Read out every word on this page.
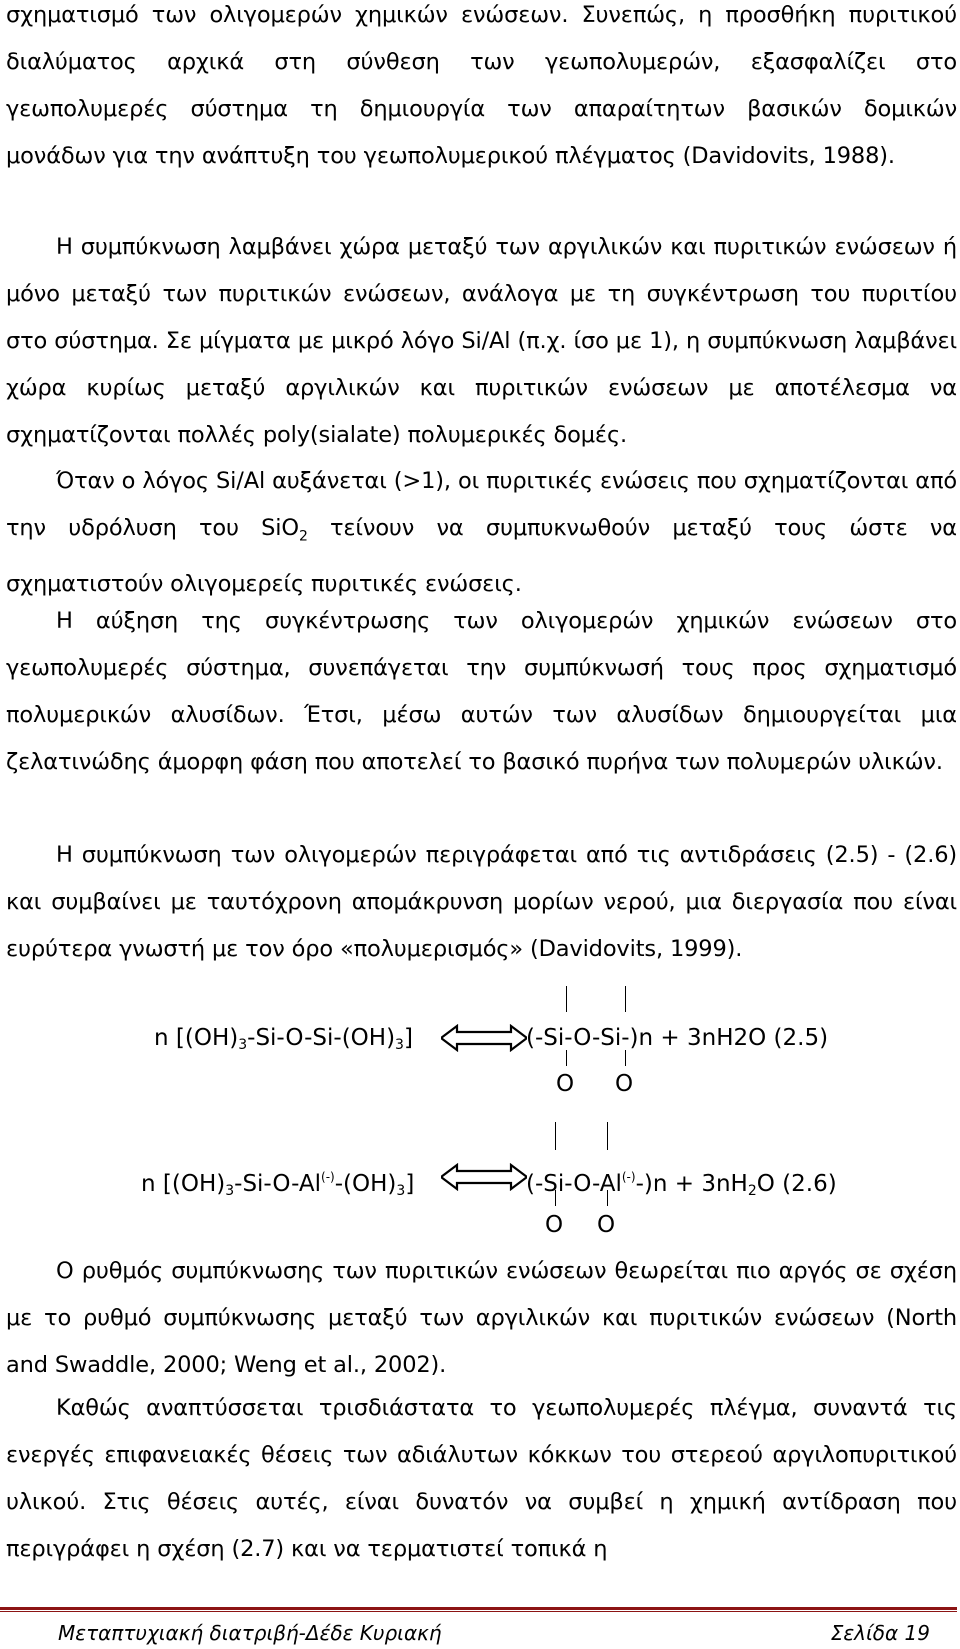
σχηματισμό των ολιγομερών χημικών ενώσεων. Συνεπώς, η προσθήκη πυριτικού διαλύματος αρχικά στη σύνθεση των γεωπολυμερών, εξασφαλίζει στο γεωπολυμερές σύστημα τη δημιουργία των απαραίτητων βασικών δομικών μονάδων για την ανάπτυξη του γεωπολυμερικού πλέγματος (Davidovits, 1988).

Η συμπύκνωση λαμβάνει χώρα μεταξύ των αργιλικών και πυριτικών ενώσεων ή μόνο μεταξύ των πυριτικών ενώσεων, ανάλογα με τη συγκέντρωση του πυριτίου στο σύστημα. Σε μίγματα με μικρό λόγο Si/Al (π.χ. ίσο με 1), η συμπύκνωση λαμβάνει χώρα κυρίως μεταξύ αργιλικών και πυριτικών ενώσεων με αποτέλεσμα να σχηματίζονται πολλές poly(sialate) πολυμερικές δομές.

Όταν ο λόγος Si/Al αυξάνεται (>1), οι πυριτικές ενώσεις που σχηματίζονται από την υδρόλυση του SiO$_2$ τείνουν να συμπυκνωθούν μεταξύ τους ώστε να σχηματιστούν ολιγομερείς πυριτικές ενώσεις.

Η αύξηση της συγκέντρωσης των ολιγομερών χημικών ενώσεων στο γεωπολυμερές σύστημα, συνεπάγεται την συμπύκνωσή τους προς σχηματισμό πολυμερικών αλυσίδων. Έτσι, μέσω αυτών των αλυσίδων δημιουργείται μια ζελατινώδης άμορφη φάση που αποτελεί το βασικό πυρήνα των πολυμερών υλικών.

Η συμπύκνωση των ολιγομερών περιγράφεται από τις αντιδράσεις (2.5) - (2.6) και συμβαίνει με ταυτόχρονη απομάκρυνση μορίων νερού, μια διεργασία που είναι ευρύτερα γνωστή με τον όρο «πολυμερισμός» (Davidovits, 1999).

n $[(OH)_3-Si-O-Si-(OH)_3]$	(-Si-O-Si-)n + 3nH2O (2.5)
O O
n $[(OH)_3-Si-O-Al^{(-)}-(OH)_3]$	$(-Si-O-Al^{(-)}-)n + 3nH_2O$ (2.6)
O O

Ο ρυθμός συμπύκνωσης των πυριτικών ενώσεων θεωρείται πιο αργός σε σχέση με το ρυθμό συμπύκνωσης μεταξύ των αργιλικών και πυριτικών ενώσεων (North and Swaddle, 2000; Weng et al., 2002).

Καθώς αναπτύσσεται τρισδιάστατα το γεωπολυμερές πλέγμα, συναντά τις ενεργές επιφανειακές θέσεις των αδιάλυτων κόκκων του στερεού αργιλοπυριτικού υλικού. Στις θέσεις αυτές, είναι δυνατόν να συμβεί η χημική αντίδραση που περιγράφει η σχέση (2.7) και να τερματιστεί τοπικά η

Μεταπτυχιακή διατριβή-Δέδε Κυριακή	Σελίδα 19
